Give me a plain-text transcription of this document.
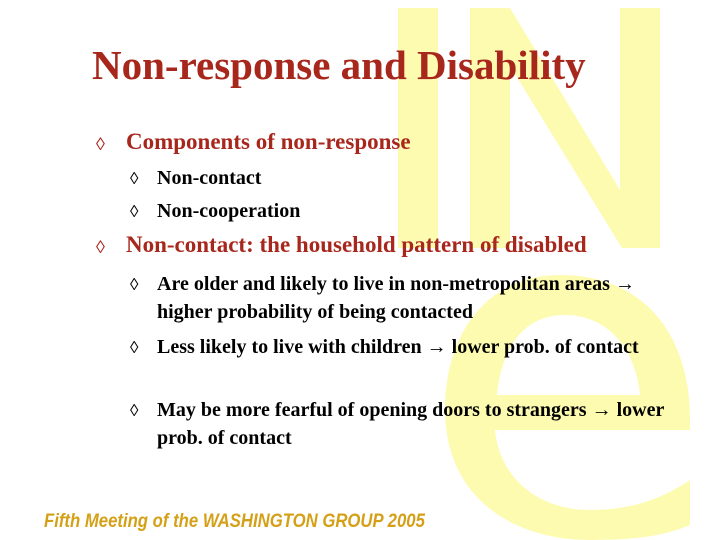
Non-response and Disability
◊ Components of non-response
◊ Non-contact
◊ Non-cooperation
◊ Non-contact: the household pattern of disabled
◊ Are older and likely to live in non-metropolitan areas → higher probability of being contacted
◊ Less likely to live with children → lower prob. of contact
◊ May be more fearful of opening doors to strangers → lower prob. of contact
Fifth Meeting of the WASHINGTON GROUP 2005
